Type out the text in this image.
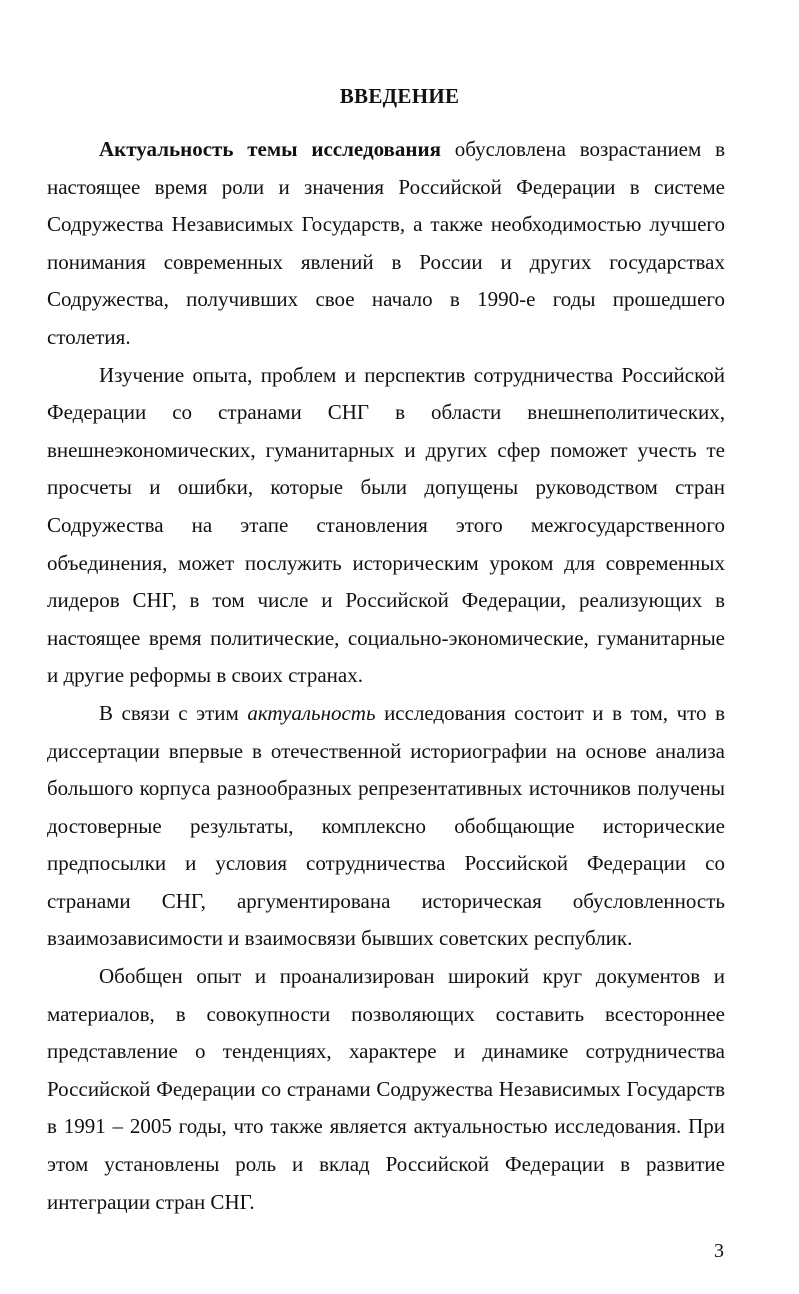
ВВЕДЕНИЕ

Актуальность темы исследования обусловлена возрастанием в настоящее время роли и значения Российской Федерации в системе Содружества Независимых Государств, а также необходимостью лучшего понимания современных явлений в России и других государствах Содружества, получивших свое начало в 1990-е годы прошедшего столетия.

Изучение опыта, проблем и перспектив сотрудничества Российской Федерации со странами СНГ в области внешнеполитических, внешнеэкономических, гуманитарных и других сфер поможет учесть те просчеты и ошибки, которые были допущены руководством стран Содружества на этапе становления этого межгосударственного объединения, может послужить историческим уроком для современных лидеров СНГ, в том числе и Российской Федерации, реализующих в настоящее время политические, социально-экономические, гуманитарные и другие реформы в своих странах.

В связи с этим актуальность исследования состоит и в том, что в диссертации впервые в отечественной историографии на основе анализа большого корпуса разнообразных репрезентативных источников получены достоверные результаты, комплексно обобщающие исторические предпосылки и условия сотрудничества Российской Федерации со странами СНГ, аргументирована историческая обусловленность взаимозависимости и взаимосвязи бывших советских республик.

Обобщен опыт и проанализирован широкий круг документов и материалов, в совокупности позволяющих составить всестороннее представление о тенденциях, характере и динамике сотрудничества Российской Федерации со странами Содружества Независимых Государств в 1991 – 2005 годы, что также является актуальностью исследования. При этом установлены роль и вклад Российской Федерации в развитие интеграции стран СНГ.

3
